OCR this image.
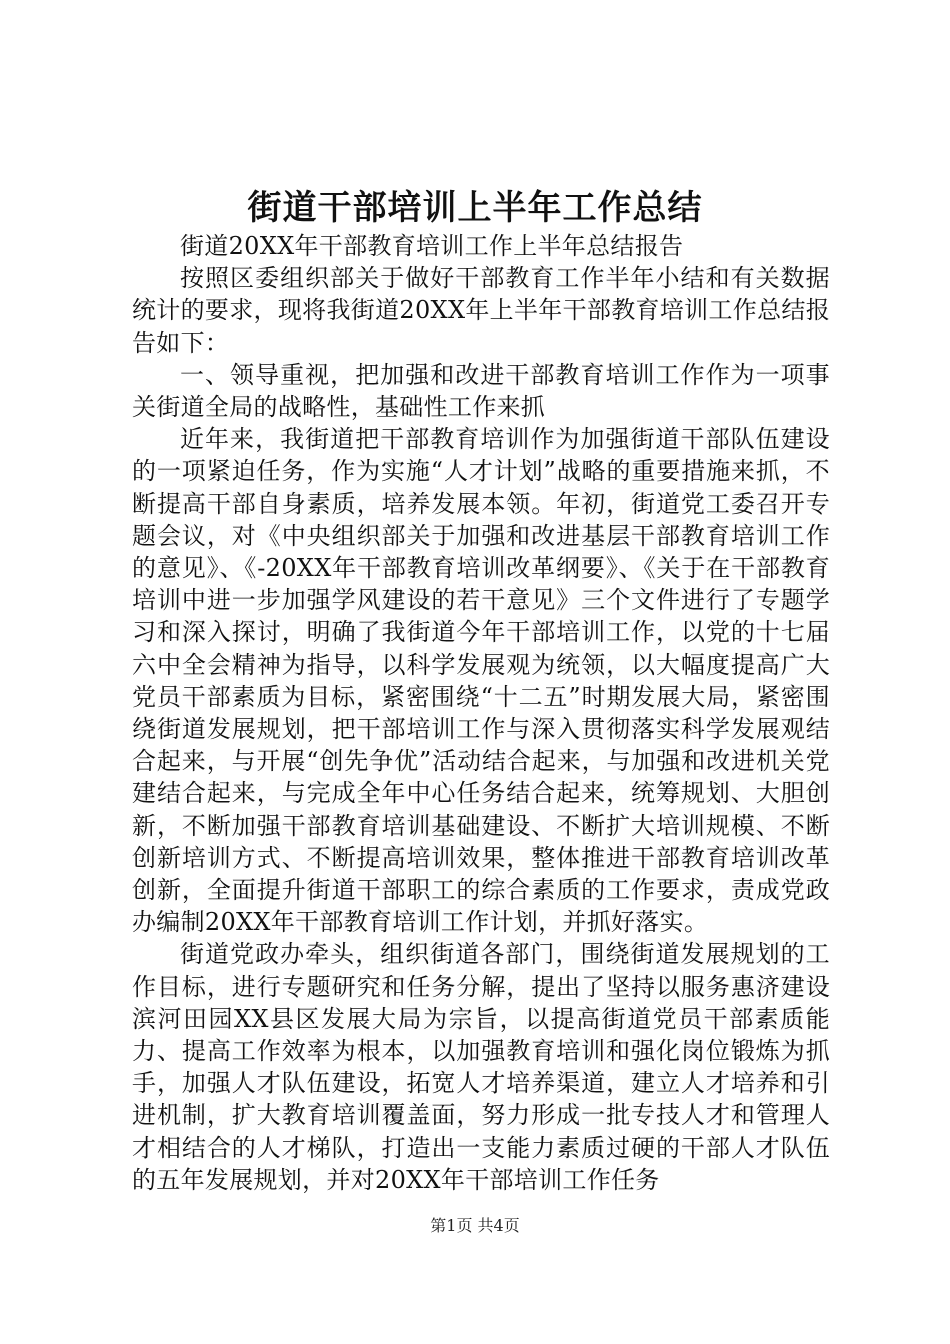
街道干部培训上半年工作总结

街道20XX年干部教育培训工作上半年总结报告

按照区委组织部关于做好干部教育工作半年小结和有关数据统计的要求，现将我街道20XX年上半年干部教育培训工作总结报告如下：

一、领导重视，把加强和改进干部教育培训工作作为一项事关街道全局的战略性，基础性工作来抓

近年来，我街道把干部教育培训作为加强街道干部队伍建设的一项紧迫任务，作为实施“人才计划”战略的重要措施来抓，不断提高干部自身素质，培养发展本领。年初，街道党工委召开专题会议，对《中央组织部关于加强和改进基层干部教育培训工作的意见》、《-20XX年干部教育培训改革纲要》、《关于在干部教育培训中进一步加强学风建设的若干意见》三个文件进行了专题学习和深入探讨，明确了我街道今年干部培训工作，以党的十七届六中全会精神为指导，以科学发展观为统领，以大幅度提高广大党员干部素质为目标，紧密围绕“十二五”时期发展大局，紧密围绕街道发展规划，把干部培训工作与深入贯彻落实科学发展观结合起来，与开展“创先争优”活动结合起来，与加强和改进机关党建结合起来，与完成全年中心任务结合起来，统筹规划、大胆创新，不断加强干部教育培训基础建设、不断扩大培训规模、不断创新培训方式、不断提高培训效果，整体推进干部教育培训改革创新，全面提升街道干部职工的综合素质的工作要求，责成党政办编制20XX年干部教育培训工作计划，并抓好落实。

街道党政办牵头，组织街道各部门，围绕街道发展规划的工作目标，进行专题研究和任务分解，提出了坚持以服务惠济建设滨河田园XX县区发展大局为宗旨，以提高街道党员干部素质能力、提高工作效率为根本，以加强教育培训和强化岗位锻炼为抓手，加强人才队伍建设，拓宽人才培养渠道，建立人才培养和引进机制，扩大教育培训覆盖面，努力形成一批专技人才和管理人才相结合的人才梯队，打造出一支能力素质过硬的干部人才队伍的五年发展规划，并对20XX年干部培训工作任务

第1页 共4页
